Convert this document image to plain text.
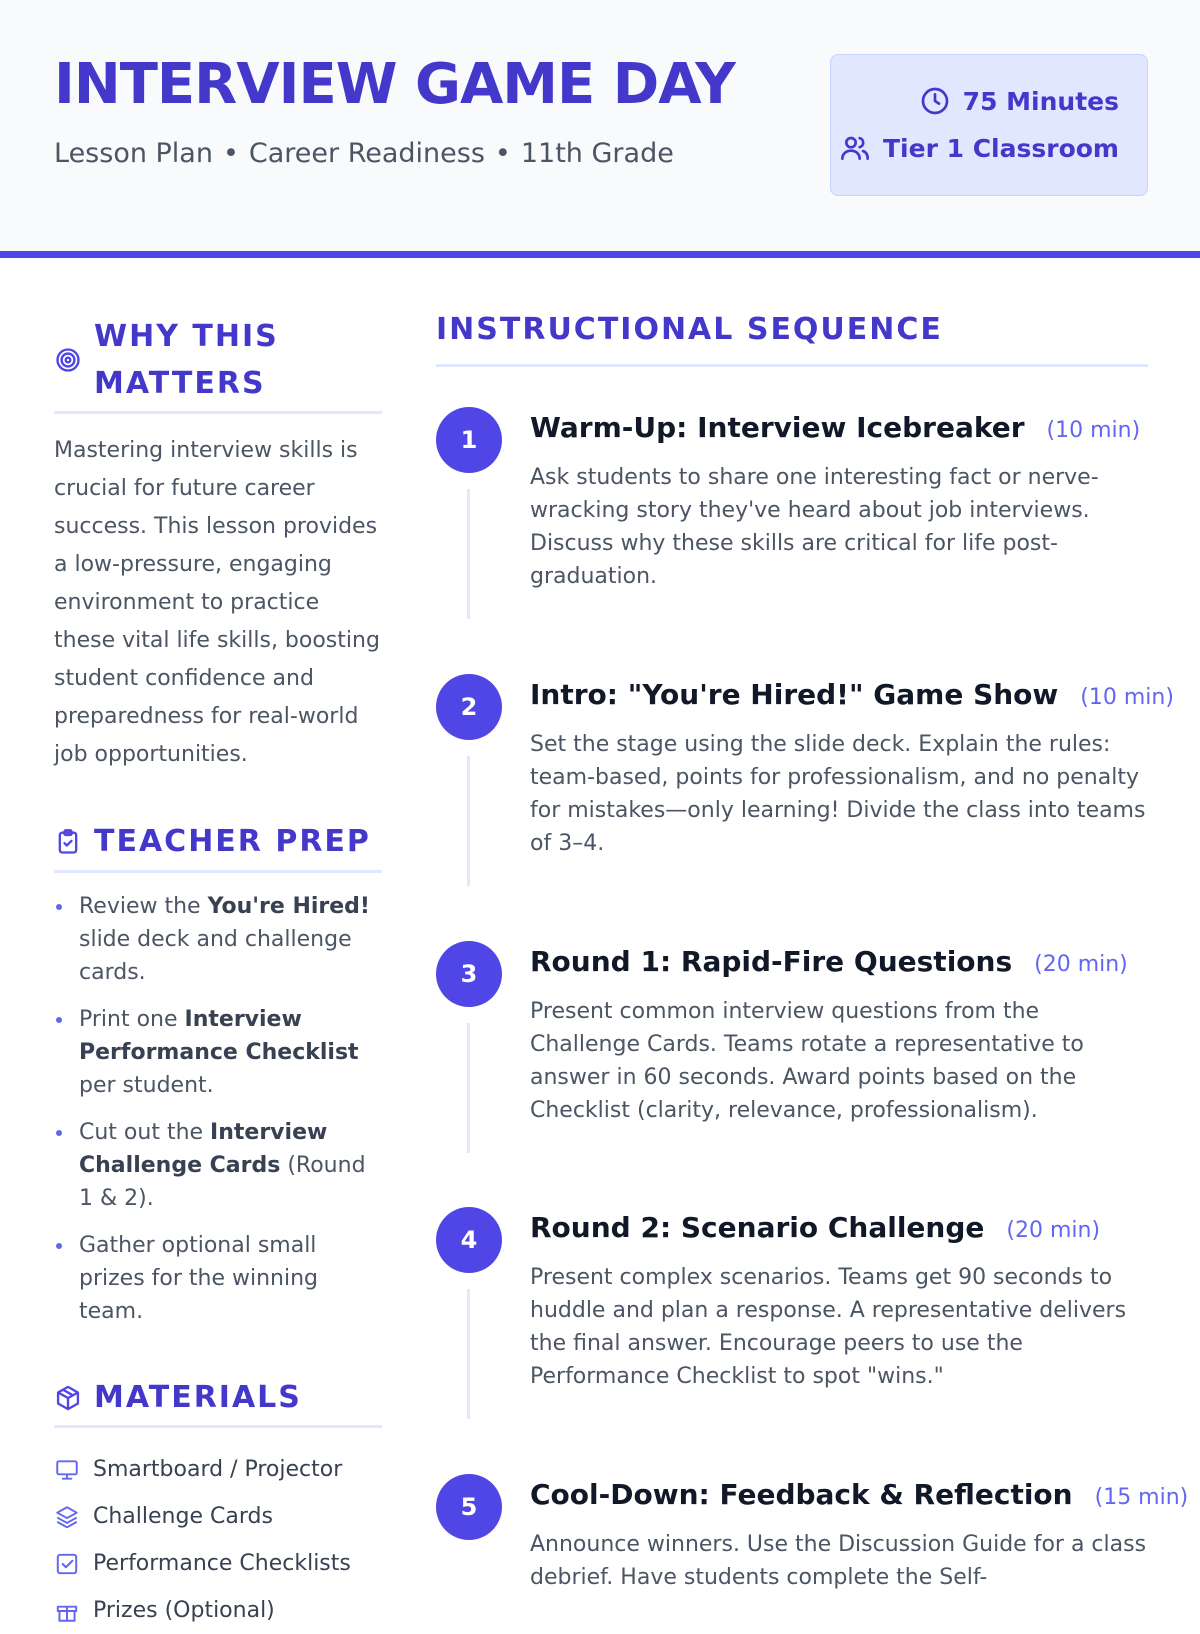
INTERVIEW GAME DAY
Lesson Plan • Career Readiness • 11th Grade
75 Minutes
Tier 1 Classroom
WHY THIS MATTERS
Mastering interview skills is crucial for future career success. This lesson provides a low-pressure, engaging environment to practice these vital life skills, boosting student confidence and preparedness for real-world job opportunities.
TEACHER PREP
Review the You're Hired! slide deck and challenge cards.
Print one Interview Performance Checklist per student.
Cut out the Interview Challenge Cards (Round 1 & 2).
Gather optional small prizes for the winning team.
MATERIALS
Smartboard / Projector
Challenge Cards
Performance Checklists
Prizes (Optional)
INSTRUCTIONAL SEQUENCE
1	Warm-Up: Interview Icebreaker (10 min)
Ask students to share one interesting fact or nerve-wracking story they've heard about job interviews. Discuss why these skills are critical for life post-graduation.
2	Intro: "You're Hired!" Game Show (10 min)
Set the stage using the slide deck. Explain the rules: team-based, points for professionalism, and no penalty for mistakes—only learning! Divide the class into teams of 3–4.
3	Round 1: Rapid-Fire Questions (20 min)
Present common interview questions from the Challenge Cards. Teams rotate a representative to answer in 60 seconds. Award points based on the Checklist (clarity, relevance, professionalism).
4	Round 2: Scenario Challenge (20 min)
Present complex scenarios. Teams get 90 seconds to huddle and plan a response. A representative delivers the final answer. Encourage peers to use the Performance Checklist to spot "wins."
5	Cool-Down: Feedback & Reflection (15 min)
Announce winners. Use the Discussion Guide for a class debrief. Have students complete the Self-
